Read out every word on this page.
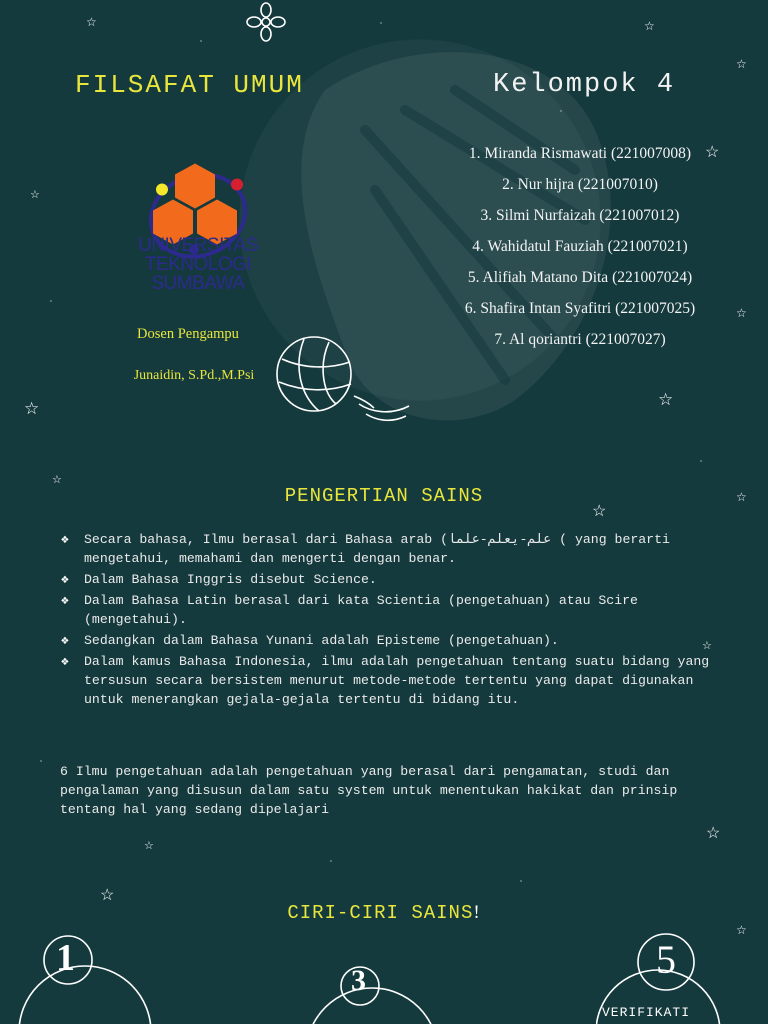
☆	☆
☆
☆
☆
☆
☆	☆
☆
☆
☆
☆
☆
☆
☆
☆
FILSAFAT UMUM	Kelompok 4
1. Miranda Rismawati (221007008)
2. Nur hijra (221007010)
3. Silmi Nurfaizah (221007012)
4. Wahidatul Fauziah (221007021)
5. Alifiah Matano Dita (221007024)
6. Shafira Intan Syafitri (221007025)
7. Al qoriantri (221007027)
UNIVERSITAS
TEKNOLOGI
SUMBAWA
Dosen Pengampu
Junaidin, S.Pd.,M.Psi
PENGERTIAN SAINS
❖ Secara bahasa, Ilmu berasal dari Bahasa arab (علم-يعلم-علما ( yang berarti mengetahui, memahami dan mengerti dengan benar.
❖ Dalam Bahasa Inggris disebut Science.
❖ Dalam Bahasa Latin berasal dari kata Scientia (pengetahuan) atau Scire (mengetahui).
❖ Sedangkan dalam Bahasa Yunani adalah Episteme (pengetahuan).
❖ Dalam kamus Bahasa Indonesia, ilmu adalah pengetahuan tentang suatu bidang yang tersusun secara bersistem menurut metode-metode tertentu yang dapat digunakan untuk menerangkan gejala-gejala tertentu di bidang itu.
6 Ilmu pengetahuan adalah pengetahuan yang berasal dari pengamatan, studi dan pengalaman yang disusun dalam satu system untuk menentukan hakikat dan prinsip tentang hal yang sedang dipelajari
CIRI-CIRI SAINS!
1
3	5
VERIFIKATI
